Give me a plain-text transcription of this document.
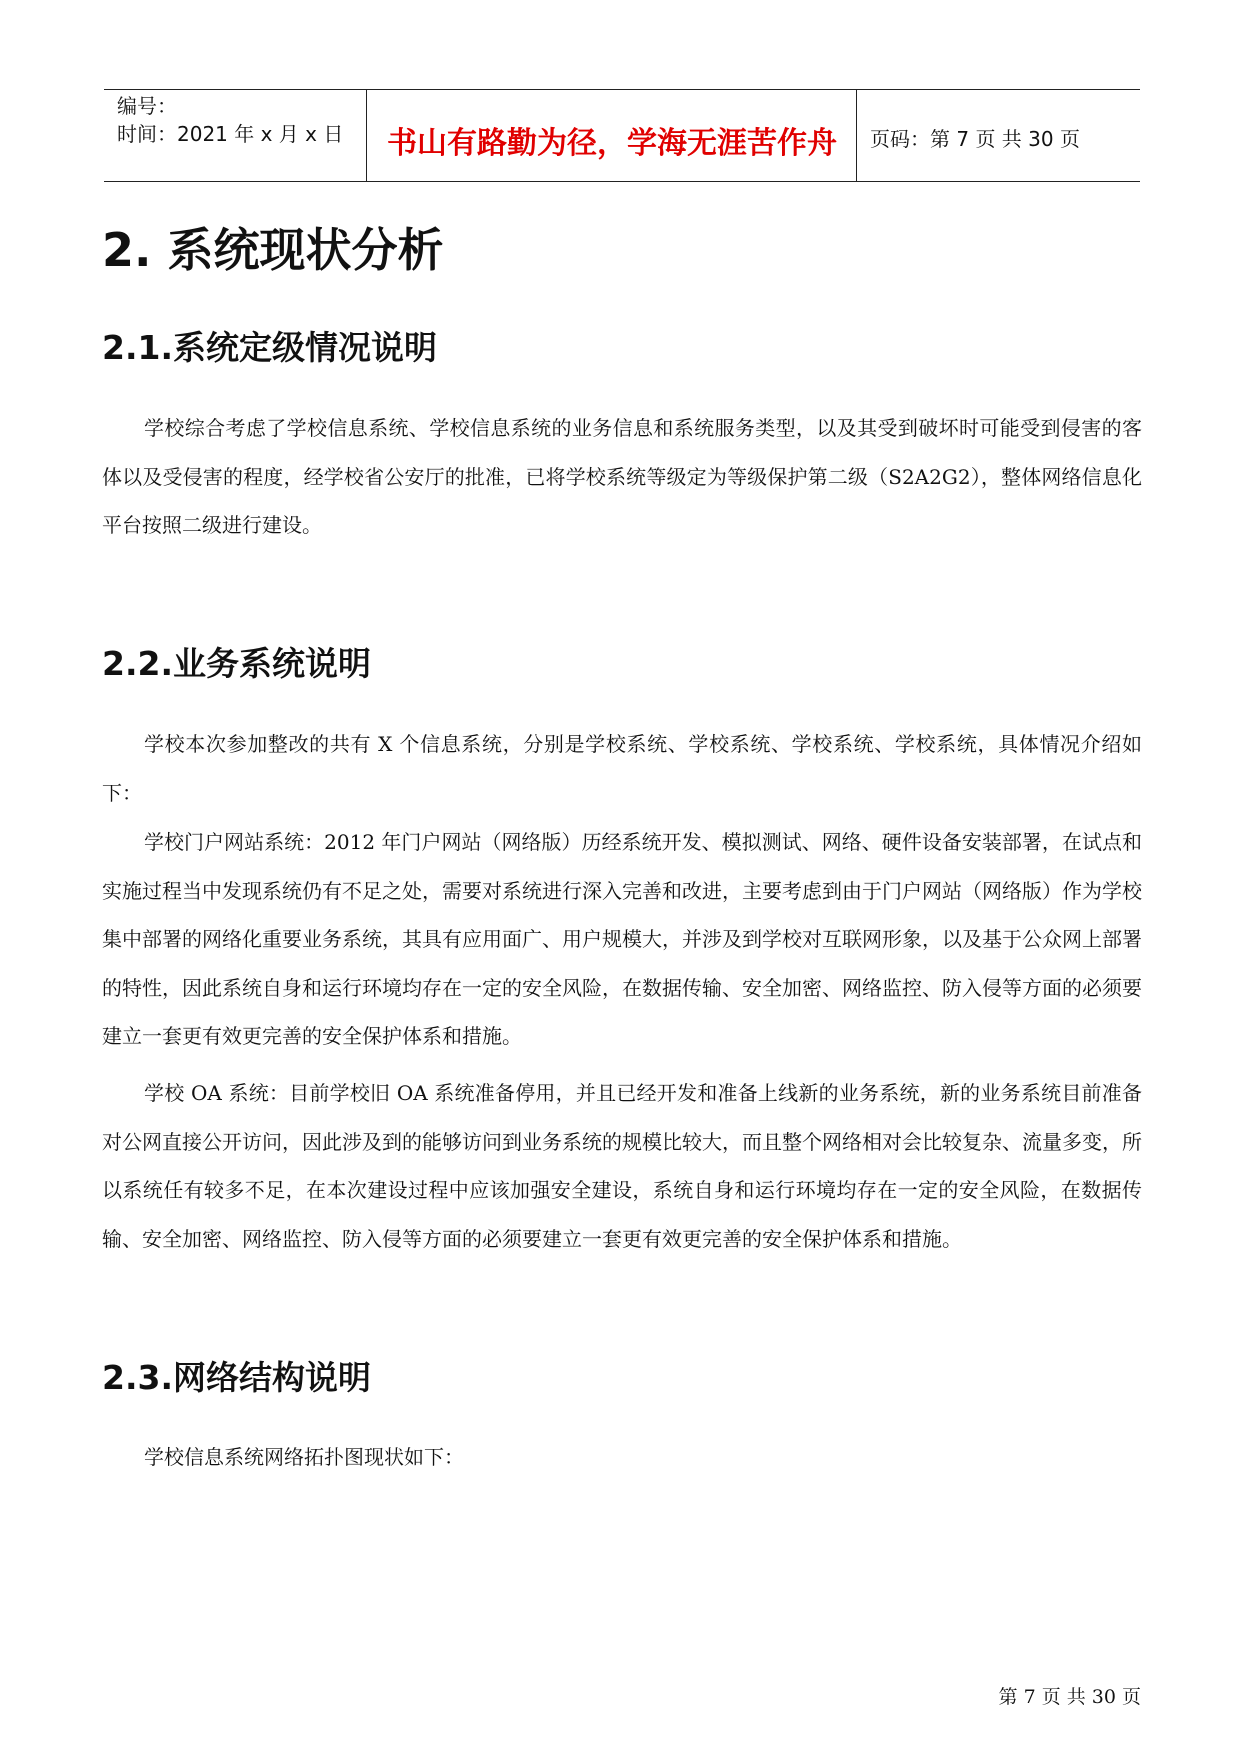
编号：
时间：2021 年 x 月 x 日	书山有路勤为径，学海无涯苦作舟	页码：第 7 页 共 30 页
2. 系统现状分析
2.1.系统定级情况说明

学校综合考虑了学校信息系统、学校信息系统的业务信息和系统服务类型，以及其受到破坏时可能受到侵害的客体以及受侵害的程度，经学校省公安厅的批准，已将学校系统等级定为等级保护第二级（S2A2G2），整体网络信息化平台按照二级进行建设。

2.2.业务系统说明

学校本次参加整改的共有 X 个信息系统，分别是学校系统、学校系统、学校系统、学校系统，具体情况介绍如下：

学校门户网站系统：2012 年门户网站（网络版）历经系统开发、模拟测试、网络、硬件设备安装部署，在试点和实施过程当中发现系统仍有不足之处，需要对系统进行深入完善和改进，主要考虑到由于门户网站（网络版）作为学校集中部署的网络化重要业务系统，其具有应用面广、用户规模大，并涉及到学校对互联网形象，以及基于公众网上部署的特性，因此系统自身和运行环境均存在一定的安全风险，在数据传输、安全加密、网络监控、防入侵等方面的必须要建立一套更有效更完善的安全保护体系和措施。

学校 OA 系统：目前学校旧 OA 系统准备停用，并且已经开发和准备上线新的业务系统，新的业务系统目前准备对公网直接公开访问，因此涉及到的能够访问到业务系统的规模比较大，而且整个网络相对会比较复杂、流量多变，所以系统任有较多不足，在本次建设过程中应该加强安全建设，系统自身和运行环境均存在一定的安全风险，在数据传输、安全加密、网络监控、防入侵等方面的必须要建立一套更有效更完善的安全保护体系和措施。

2.3.网络结构说明

学校信息系统网络拓扑图现状如下：

第 7 页 共 30 页
